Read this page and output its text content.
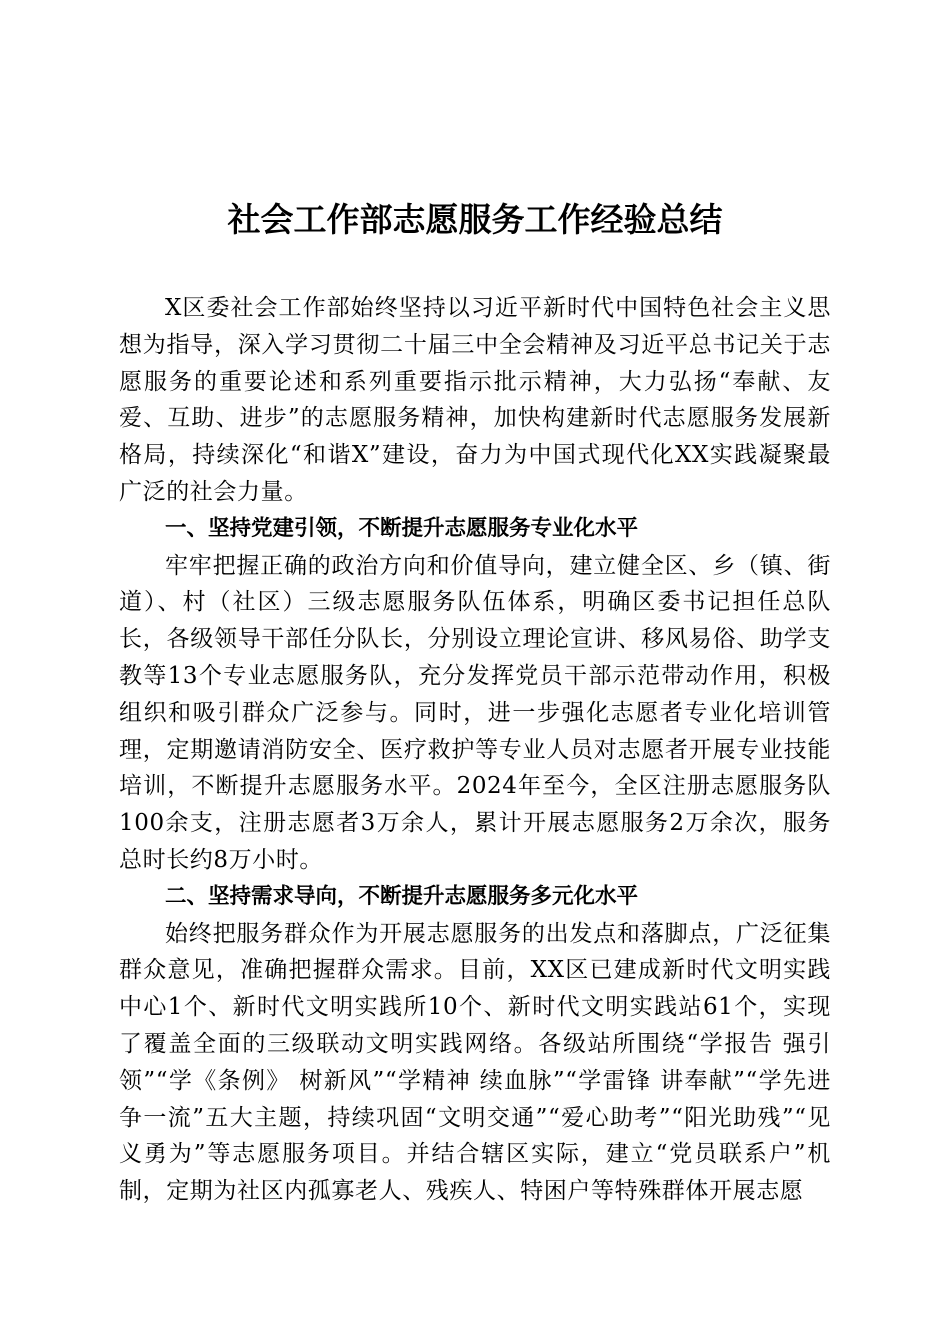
社会工作部志愿服务工作经验总结

X区委社会工作部始终坚持以习近平新时代中国特色社会主义思想为指导，深入学习贯彻二十届三中全会精神及习近平总书记关于志愿服务的重要论述和系列重要指示批示精神，大力弘扬“奉献、友爱、互助、进步”的志愿服务精神，加快构建新时代志愿服务发展新格局，持续深化“和谐X”建设，奋力为中国式现代化XX实践凝聚最广泛的社会力量。

一、坚持党建引领，不断提升志愿服务专业化水平

牢牢把握正确的政治方向和价值导向，建立健全区、乡（镇、街道）、村（社区）三级志愿服务队伍体系，明确区委书记担任总队长，各级领导干部任分队长，分别设立理论宣讲、移风易俗、助学支教等13个专业志愿服务队，充分发挥党员干部示范带动作用，积极组织和吸引群众广泛参与。同时，进一步强化志愿者专业化培训管理，定期邀请消防安全、医疗救护等专业人员对志愿者开展专业技能培训，不断提升志愿服务水平。2024年至今，全区注册志愿服务队100余支，注册志愿者3万余人，累计开展志愿服务2万余次，服务总时长约8万小时。

二、坚持需求导向，不断提升志愿服务多元化水平

始终把服务群众作为开展志愿服务的出发点和落脚点，广泛征集群众意见，准确把握群众需求。目前，XX区已建成新时代文明实践中心1个、新时代文明实践所10个、新时代文明实践站61个，实现了覆盖全面的三级联动文明实践网络。各级站所围绕“学报告 强引领”“学《条例》 树新风”“学精神 续血脉”“学雷锋 讲奉献”“学先进 争一流”五大主题，持续巩固“文明交通”“爱心助考”“阳光助残”“见义勇为”等志愿服务项目。并结合辖区实际，建立“党员联系户”机制，定期为社区内孤寡老人、残疾人、特困户等特殊群体开展志愿
